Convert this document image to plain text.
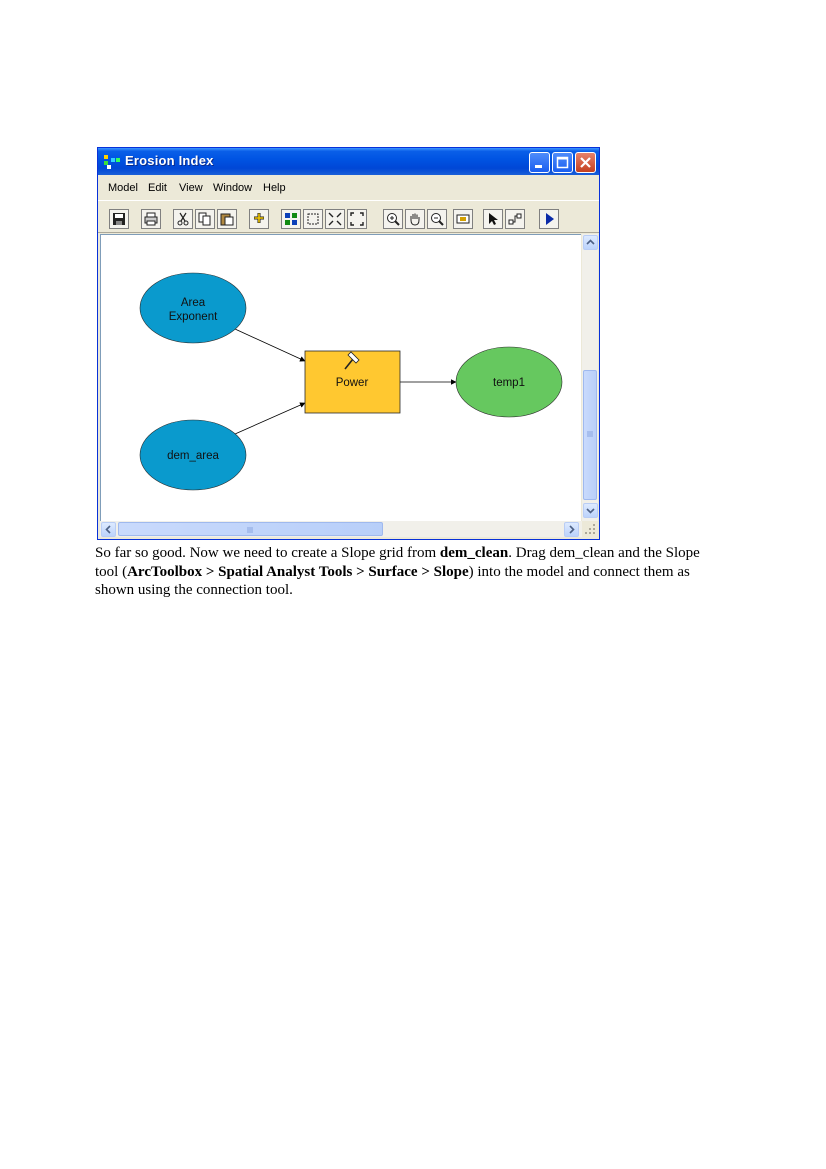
Erosion Index
Model Edit View Window Help
Area
Exponent
dem_area
Power	temp1
So far so good. Now we need to create a Slope grid from dem_clean. Drag dem_clean and the Slope tool (ArcToolbox > Spatial Analyst Tools > Surface > Slope) into the model and connect them as shown using the connection tool.
